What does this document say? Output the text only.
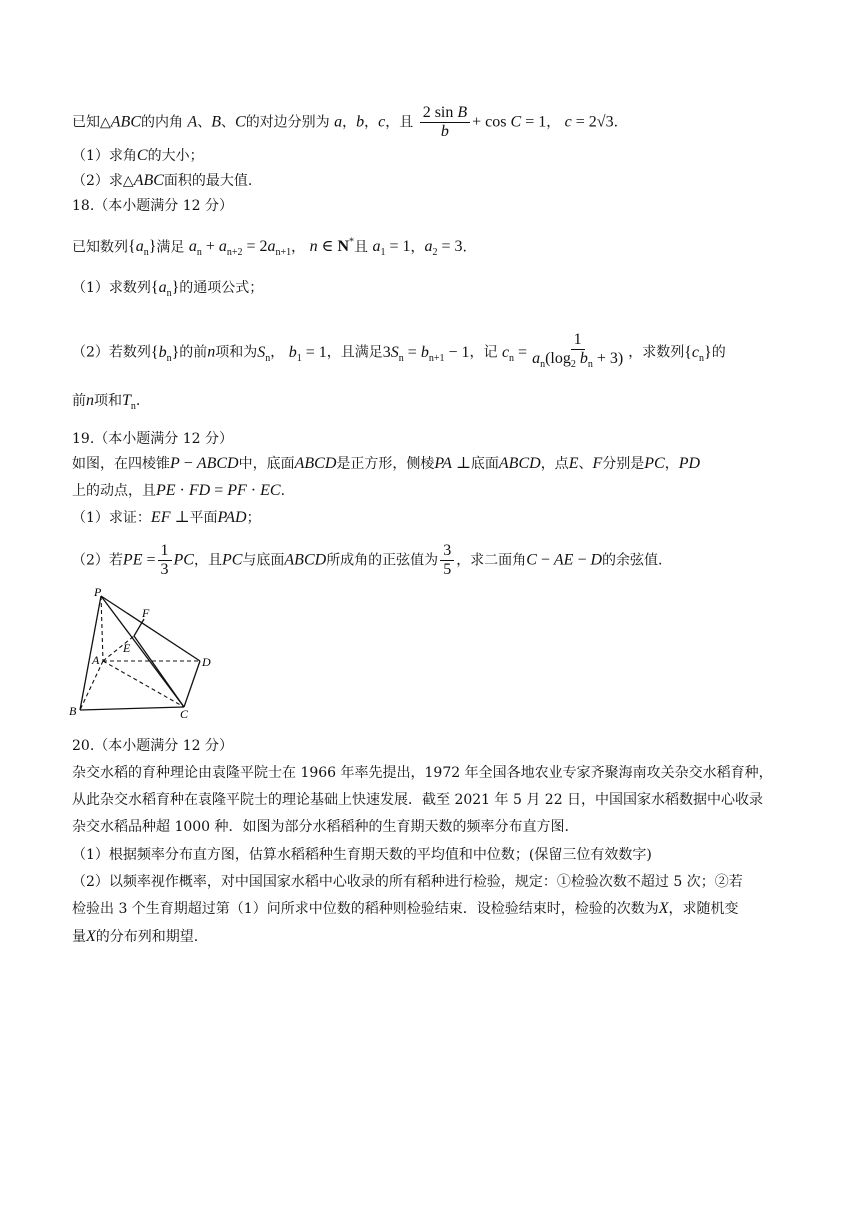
已知△ABC的内角 A、B、C的对边分别为 a，b，c，且 $\frac{\text{2 sin B}}{b} + \cos C = 1$， c = 2√3.
（1）求角C的大小；
（2）求△ABC面积的最大值.
18.（本小题满分 12 分）
已知数列$\{a_n\}$满足 $a_n + a_{n+2} = 2a_{n+1}$， n ∈ N*且 $a_1 = 1$，$a_2 = 3$.
（1）求数列$\{a_n\}$的通项公式；
（2）若数列$\{b_n\}$的前n项和为$S_n$， $b_1 = 1$，且满足$3S_n = b_{n+1} - 1$，记 $c_n = \frac{1}{a_n(\log_2 b_n + 3)}$ ，求数列$\{c_n\}$的
前n项和$T_n$.
19.（本小题满分 12 分）
如图，在四棱锥P − ABCD中，底面ABCD是正方形，侧棱PA ⊥底面ABCD，点E、F分别是PC，PD
上的动点，且PE · FD = PF · EC.
（1）求证：EF ⊥平面PAD；
（2）若PE = $\frac{1}{3}$ PC，且PC与底面ABCD所成角的正弦值为 $\frac{3}{5}$ ，求二面角C − AE − D的余弦值.
P
F
E
A	D
B	C
20.（本小题满分 12 分）
杂交水稻的育种理论由袁隆平院士在 1966 年率先提出，1972 年全国各地农业专家齐聚海南攻关杂交水稻育种，
从此杂交水稻育种在袁隆平院士的理论基础上快速发展．截至 2021 年 5 月 22 日，中国国家水稻数据中心收录
杂交水稻品种超 1000 种．如图为部分水稻稻种的生育期天数的频率分布直方图.
（1）根据频率分布直方图，估算水稻稻种生育期天数的平均值和中位数；(保留三位有效数字)
（2）以频率视作概率，对中国国家水稻中心收录的所有稻种进行检验，规定：①检验次数不超过 5 次；②若
检验出 3 个生育期超过第（1）问所求中位数的稻种则检验结束．设检验结束时，检验的次数为X，求随机变
量X的分布列和期望.
